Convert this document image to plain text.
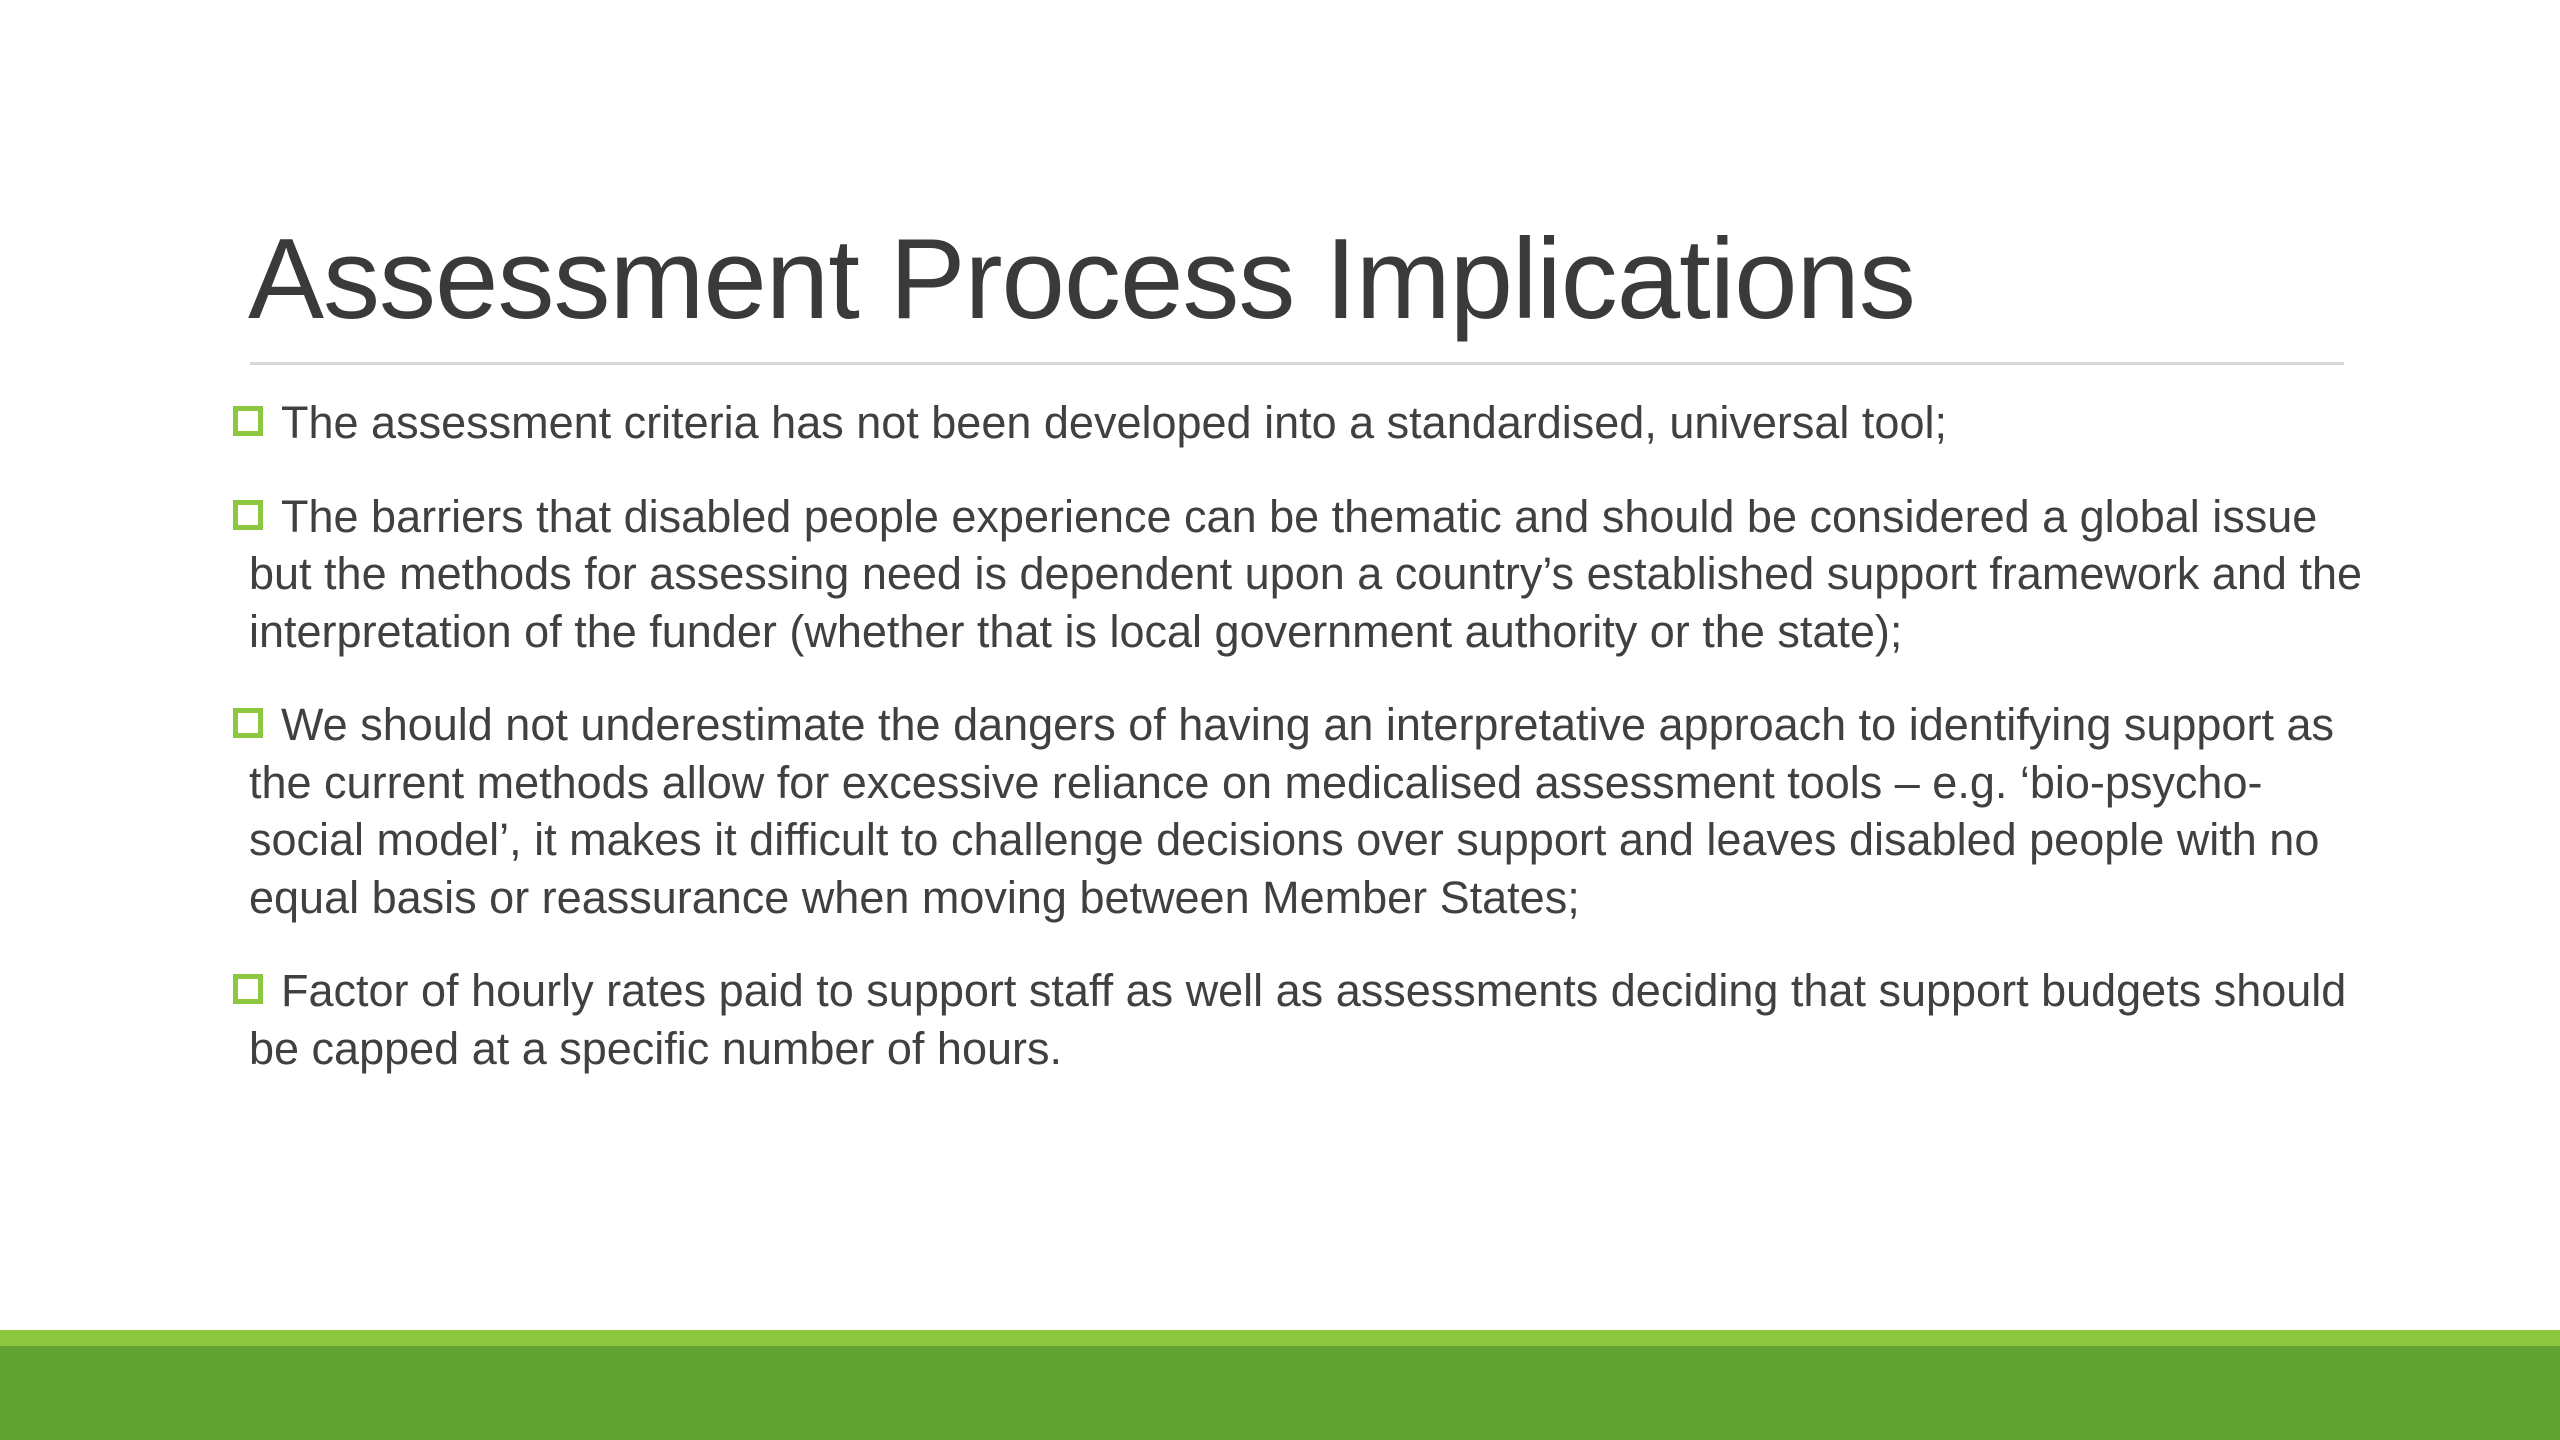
Assessment Process Implications
The assessment criteria has not been developed into a standardised, universal tool;
The barriers that disabled people experience can be thematic and should be considered a global issue but the methods for assessing need is dependent upon a country’s established support framework and the interpretation of the funder (whether that is local government authority or the state);
We should not underestimate the dangers of having an interpretative approach to identifying support as the current methods allow for excessive reliance on medicalised assessment tools – e.g. ‘bio-psycho-social model’, it makes it difficult to challenge decisions over support and leaves disabled people with no equal basis or reassurance when moving between Member States;
Factor of hourly rates paid to support staff as well as assessments deciding that support budgets should be capped at a specific number of hours.
